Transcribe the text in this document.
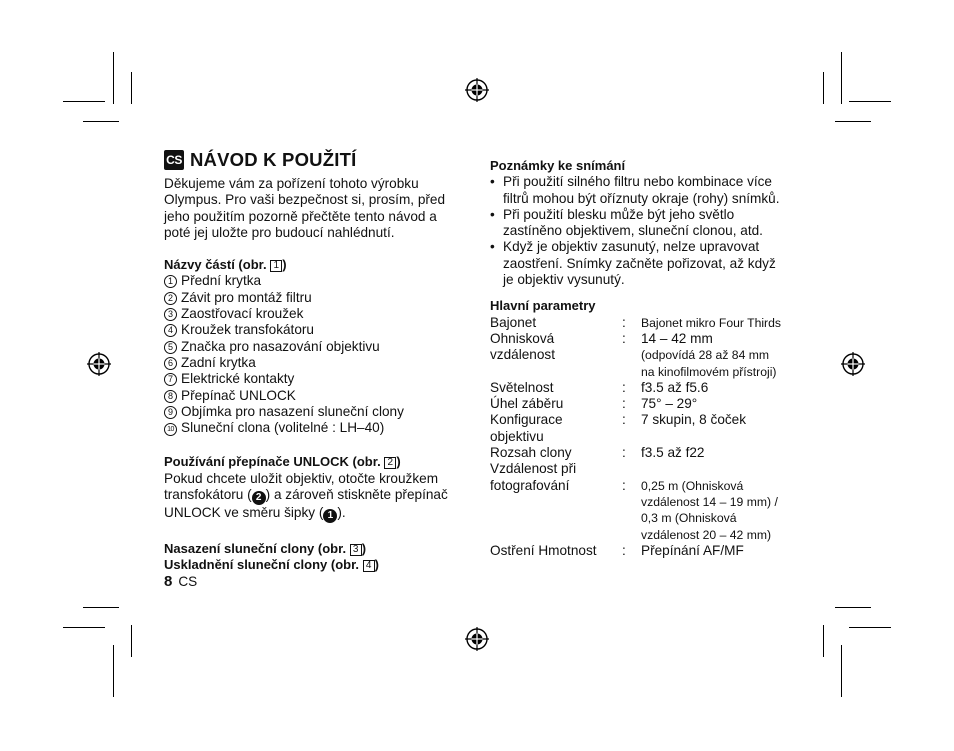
CS NÁVOD K POUŽITÍ

Děkujeme vám za pořízení tohoto výrobku

Olympus. Pro vaši bezpečnost si, prosím, před

jeho použitím pozorně přečtěte tento návod a

poté jej uložte pro budoucí nahlédnutí.

Názvy částí (obr. 1 )

1 Přední krytka
2 Závit pro montáž filtru
3 Zaostřovací kroužek
4 Kroužek transfokátoru
5 Značka pro nasazování objektivu
6 Zadní krytka
7 Elektrické kontakty
8 Přepínač UNLOCK
9 Objímka pro nasazení sluneční clony
10 Sluneční clona (volitelné : LH–40)

Používání přepínače UNLOCK (obr. 2 )

Pokud chcete uložit objektiv, otočte kroužkem

transfokátoru ( 2 ) a zároveň stiskněte přepínač

UNLOCK ve směru šipky ( 1 ).

Nasazení sluneční clony (obr. 3 )

Uskladnění sluneční clony (obr. 4 )

8 CS

Poznámky ke snímání

• Při použití silného filtru nebo kombinace více
filtrů mohou být oříznuty okraje (rohy) snímků.
• Při použití blesku může být jeho světlo
zastíněno objektivem, sluneční clonou, atd.
• Když je objektiv zasunutý, nelze upravovat
zaostření. Snímky začněte pořizovat, až když
je objektiv vysunutý.

Hlavní parametry

Bajonet	:	Bajonet mikro Four Thirds
Ohnisková	:	14 – 42 mm
vzdálenost	(odpovídá 28 až 84 mm
na kinofilmovém přístroji)
Světelnost	:	f3.5 až f5.6
Úhel záběru	:	75° – 29°
Konfigurace	:	7 skupin, 8 čoček
objektivu
Rozsah clony	:	f3.5 až f22
Vzdálenost při
fotografování	:	0,25 m (Ohnisková
vzdálenost 14 – 19 mm) /
0,3 m (Ohnisková
vzdálenost 20 – 42 mm)
Ostření Hmotnost	:	Přepínání AF/MF
